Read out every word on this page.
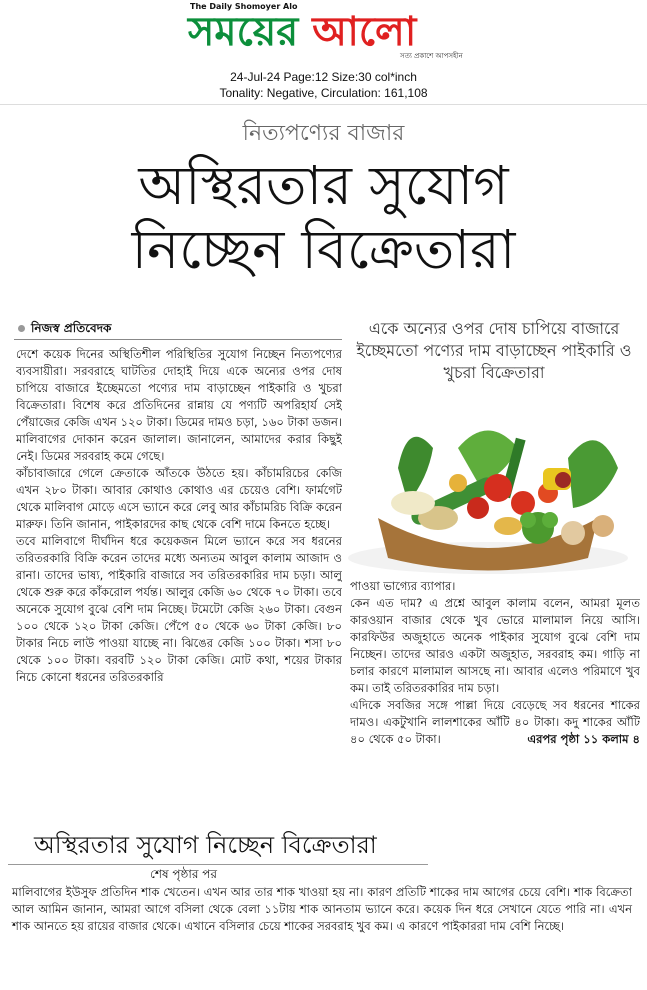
The Daily Shomoyer Alo
সময়ের আলো
সত্য প্রকাশে আপসহীন
24-Jul-24 Page:12 Size:30 col*inch
Tonality: Negative, Circulation: 161,108
নিত্যপণ্যের বাজার
অস্থিরতার সুযোগ
নিচ্ছেন বিক্রেতারা
নিজস্ব প্রতিবেদক

দেশে কয়েক দিনের অস্থিতিশীল পরিস্থিতির সুযোগ নিচ্ছেন নিত্যপণ্যের ব্যবসায়ীরা। সরবরাহে ঘাটতির দোহাই দিয়ে একে অন্যের ওপর দোষ চাপিয়ে বাজারে ইচ্ছেমতো পণ্যের দাম বাড়াচ্ছেন পাইকারি ও খুচরা বিক্রেতারা। বিশেষ করে প্রতিদিনের রান্নায় যে পণ্যটি অপরিহার্য সেই পেঁয়াজের কেজি এখন ১২০ টাকা। ডিমের দামও চড়া, ১৬০ টাকা ডজন। মালিবাগের দোকান করেন জালাল। জানালেন, আমাদের করার কিছুই নেই। ডিমের সরবরাহ কমে গেছে।

কাঁচাবাজারে গেলে ক্রেতাকে আঁতকে উঠতে হয়। কাঁচামরিচের কেজি এখন ২৮০ টাকা। আবার কোথাও কোথাও এর চেয়েও বেশি। ফার্মগেট থেকে মালিবাগ মোড়ে এসে ভ্যানে করে লেবু আর কাঁচামরিচ বিক্রি করেন মারুফ। তিনি জানান, পাইকারদের কাছ থেকে বেশি দামে কিনতে হচ্ছে।

তবে মালিবাগে দীর্ঘদিন ধরে কয়েকজন মিলে ভ্যানে করে সব ধরনের তরিতরকারি বিক্রি করেন তাদের মধ্যে অন্যতম আবুল কালাম আজাদ ও রানা। তাদের ভাষ্য, পাইকারি বাজারে সব তরিতরকারির দাম চড়া। আলু থেকে শুরু করে কাঁকরোল পর্যন্ত। আলুর কেজি ৬০ থেকে ৭০ টাকা। তবে অনেকে সুযোগ বুঝে বেশি দাম নিচ্ছে। টমেটো কেজি ২৬০ টাকা। বেগুন ১০০ থেকে ১২০ টাকা কেজি। পেঁপে ৫০ থেকে ৬০ টাকা কেজি। ৮০ টাকার নিচে লাউ পাওয়া যাচ্ছে না। ঝিঙের কেজি ১০০ টাকা। শসা ৮০ থেকে ১০০ টাকা। বরবটি ১২০ টাকা কেজি। মোট কথা, শয়ের টাকার নিচে কোনো ধরনের তরিতরকারি

একে অন্যের ওপর দোষ চাপিয়ে বাজারে ইচ্ছেমতো পণ্যের দাম বাড়াচ্ছেন পাইকারি ও খুচরা বিক্রেতারা

পাওয়া ভাগ্যের ব্যাপার।

কেন এত দাম? এ প্রশ্নে আবুল কালাম বলেন, আমরা মূলত কারওয়ান বাজার থেকে খুব ভোরে মালামাল নিয়ে আসি। কারফিউর অজুহাতে অনেক পাইকার সুযোগ বুঝে বেশি দাম নিচ্ছেন। তাদের আরও একটা অজুহাত, সরবরাহ কম। গাড়ি না চলার কারণে মালামাল আসছে না। আবার এলেও পরিমাণে খুব কম। তাই তরিতরকারির দাম চড়া।

এদিকে সবজির সঙ্গে পাল্লা দিয়ে বেড়েছে সব ধরনের শাকের দামও। একটুখানি লালশাকের আঁটি ৪০ টাকা। কদু শাকের আঁটি ৪০ থেকে ৫০ টাকা।	এরপর পৃষ্ঠা ১১ কলাম ৪

অস্থিরতার সুযোগ নিচ্ছেন বিক্রেতারা
শেষ পৃষ্ঠার পর

মালিবাগের ইউসুফ প্রতিদিন শাক খেতেন। এখন আর তার শাক খাওয়া হয় না। কারণ প্রতিটি শাকের দাম আগের চেয়ে বেশি। শাক বিক্রেতা আল আমিন জানান, আমরা আগে বসিলা থেকে বেলা ১১টায় শাক আনতাম ভ্যানে করে। কয়েক দিন ধরে সেখানে যেতে পারি না। এখন শাক আনতে হয় রায়ের বাজার থেকে। এখানে বসিলার চেয়ে শাকের সরবরাহ খুব কম। এ কারণে পাইকাররা দাম বেশি নিচ্ছে।
